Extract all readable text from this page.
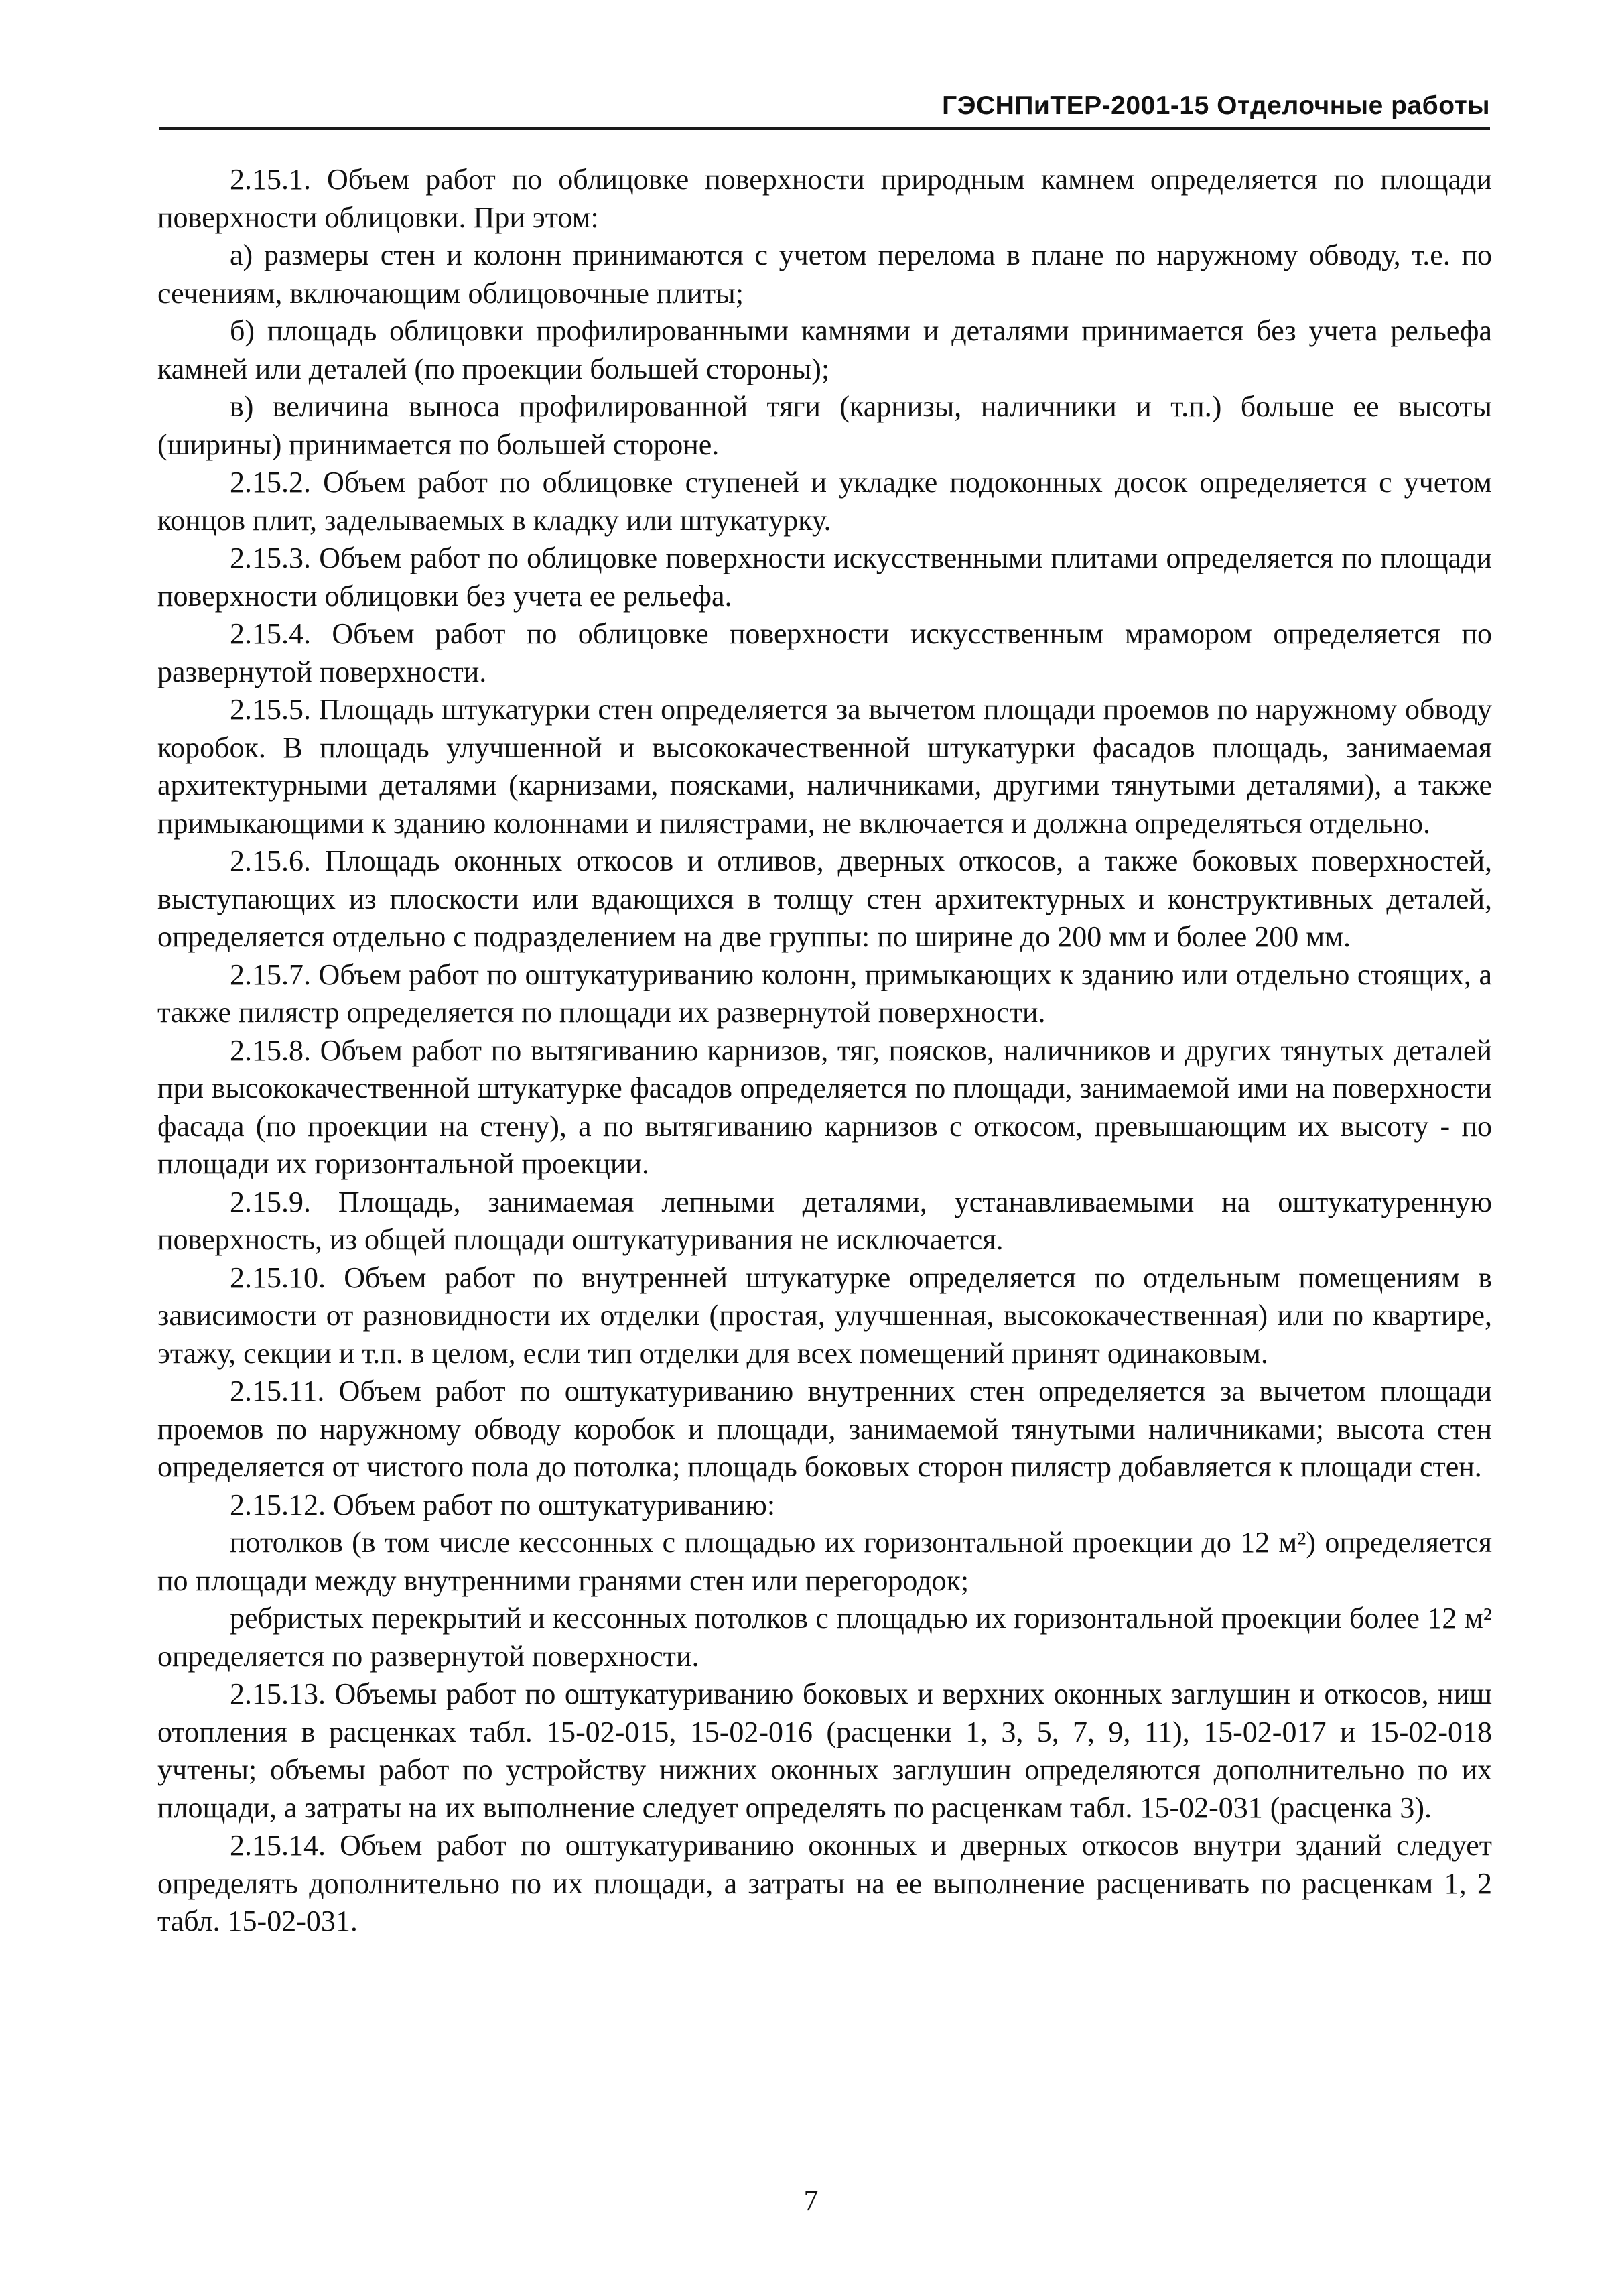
ГЭСНПиТЕР-2001-15 Отделочные работы

2.15.1. Объем работ по облицовке поверхности природным камнем определяется по площади поверхности облицовки. При этом:

а) размеры стен и колонн принимаются с учетом перелома в плане по наружному обводу, т.е. по сечениям, включающим облицовочные плиты;

б) площадь облицовки профилированными камнями и деталями принимается без учета рельефа камней или деталей (по проекции большей стороны);

в) величина выноса профилированной тяги (карнизы, наличники и т.п.) больше ее высоты (ширины) принимается по большей стороне.

2.15.2. Объем работ по облицовке ступеней и укладке подоконных досок определяется с учетом концов плит, заделываемых в кладку или штукатурку.

2.15.3. Объем работ по облицовке поверхности искусственными плитами определяется по площади поверхности облицовки без учета ее рельефа.

2.15.4. Объем работ по облицовке поверхности искусственным мрамором определяется по развернутой поверхности.

2.15.5. Площадь штукатурки стен определяется за вычетом площади проемов по наружному обводу коробок. В площадь улучшенной и высококачественной штукатурки фасадов площадь, занимаемая архитектурными деталями (карнизами, поясками, наличниками, другими тянутыми деталями), а также примыкающими к зданию колоннами и пилястрами, не включается и должна определяться отдельно.

2.15.6. Площадь оконных откосов и отливов, дверных откосов, а также боковых поверхностей, выступающих из плоскости или вдающихся в толщу стен архитектурных и конструктивных деталей, определяется отдельно с подразделением на две группы: по ширине до 200 мм и более 200 мм.

2.15.7. Объем работ по оштукатуриванию колонн, примыкающих к зданию или отдельно стоящих, а также пилястр определяется по площади их развернутой поверхности.

2.15.8. Объем работ по вытягиванию карнизов, тяг, поясков, наличников и других тянутых деталей при высококачественной штукатурке фасадов определяется по площади, занимаемой ими на поверхности фасада (по проекции на стену), а по вытягиванию карнизов с откосом, превышающим их высоту - по площади их горизонтальной проекции.

2.15.9. Площадь, занимаемая лепными деталями, устанавливаемыми на оштукатуренную поверхность, из общей площади оштукатуривания не исключается.

2.15.10. Объем работ по внутренней штукатурке определяется по отдельным помещениям в зависимости от разновидности их отделки (простая, улучшенная, высококачественная) или по квартире, этажу, секции и т.п. в целом, если тип отделки для всех помещений принят одинаковым.

2.15.11. Объем работ по оштукатуриванию внутренних стен определяется за вычетом площади проемов по наружному обводу коробок и площади, занимаемой тянутыми наличниками; высота стен определяется от чистого пола до потолка; площадь боковых сторон пилястр добавляется к площади стен.

2.15.12. Объем работ по оштукатуриванию:

потолков (в том числе кессонных с площадью их горизонтальной проекции до 12 м²) определяется по площади между внутренними гранями стен или перегородок;

ребристых перекрытий и кессонных потолков с площадью их горизонтальной проекции более 12 м² определяется по развернутой поверхности.

2.15.13. Объемы работ по оштукатуриванию боковых и верхних оконных заглушин и откосов, ниш отопления в расценках табл. 15-02-015, 15-02-016 (расценки 1, 3, 5, 7, 9, 11), 15-02-017 и 15-02-018 учтены; объемы работ по устройству нижних оконных заглушин определяются дополнительно по их площади, а затраты на их выполнение следует определять по расценкам табл. 15-02-031 (расценка 3).

2.15.14. Объем работ по оштукатуриванию оконных и дверных откосов внутри зданий следует определять дополнительно по их площади, а затраты на ее выполнение расценивать по расценкам 1, 2 табл. 15-02-031.

7
